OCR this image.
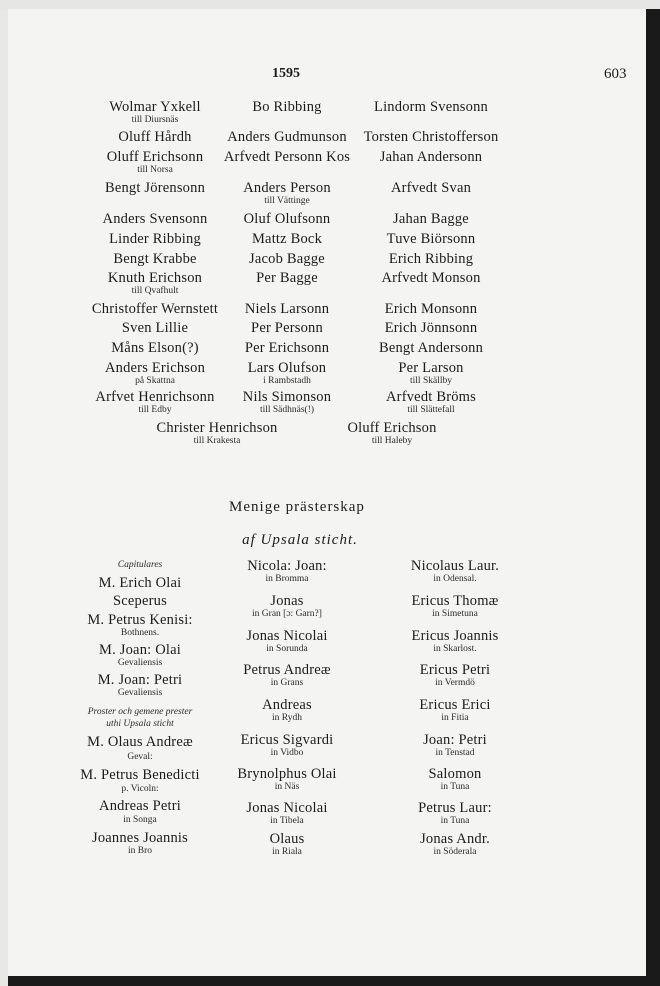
1595	603
Wolmar Yxkell
till Diursnäs
Oluff Hårdh
Oluff Erichsonn
till Norsa
Bengt Jörensonn
Anders Svensonn
Linder Ribbing
Bengt Krabbe
Knuth Erichson
till Qvafhult
Christoffer Wernstett
Sven Lillie
Måns Elson(?)
Anders Erichson
på Skattna
Arfvet Henrichsonn
till Edby
Bo Ribbing
Anders Gudmunson
Arfvedt Personn Kos
Anders Person
till Vättinge
Oluf Olufsonn
Mattz Bock
Jacob Bagge
Per Bagge
Niels Larsonn
Per Personn
Per Erichsonn
Lars Olufson
i Rambstadh
Nils Simonson
till Sädhnäs(!)
Lindorm Svensonn
Torsten Christofferson
Jahan Andersonn
Arfvedt Svan
Jahan Bagge
Tuve Biörsonn
Erich Ribbing
Arfvedt Monson
Erich Monsonn
Erich Jönnsonn
Bengt Andersonn
Per Larson
till Skällby
Arfvedt Bröms
till Slättefall
Christer Henrichson
till Krakesta
Oluff Erichson
till Haleby
Menige prästerskap
af Upsala sticht.
Capitulares
M. Erich Olai
Sceperus
M. Petrus Kenisi:
Bothnens.
M. Joan: Olai
Gevaliensis
M. Joan: Petri
Gevaliensis
Proster och gemene prester
uthi Upsala sticht
M. Olaus Andreæ
Geval:
M. Petrus Benedicti
p. Vicoln:
Andreas Petri
in Songa
Joannes Joannis
in Bro
Nicola: Joan:
in Bromma
Jonas
in Gran [ɔ: Garn?]
Jonas Nicolai
in Sorunda
Petrus Andreæ
in Grans
Andreas
in Rydh
Ericus Sigvardi
in Vidbo
Brynolphus Olai
in Näs
Jonas Nicolai
in Tibela
Olaus
in Riala
Nicolaus Laur.
in Odensal.
Ericus Thomæ
in Simetuna
Ericus Joannis
in Skarlost.
Ericus Petri
in Vermdö
Ericus Erici
in Fitia
Joan: Petri
in Tenstad
Salomon
in Tuna
Petrus Laur:
in Tuna
Jonas Andr.
in Söderala
